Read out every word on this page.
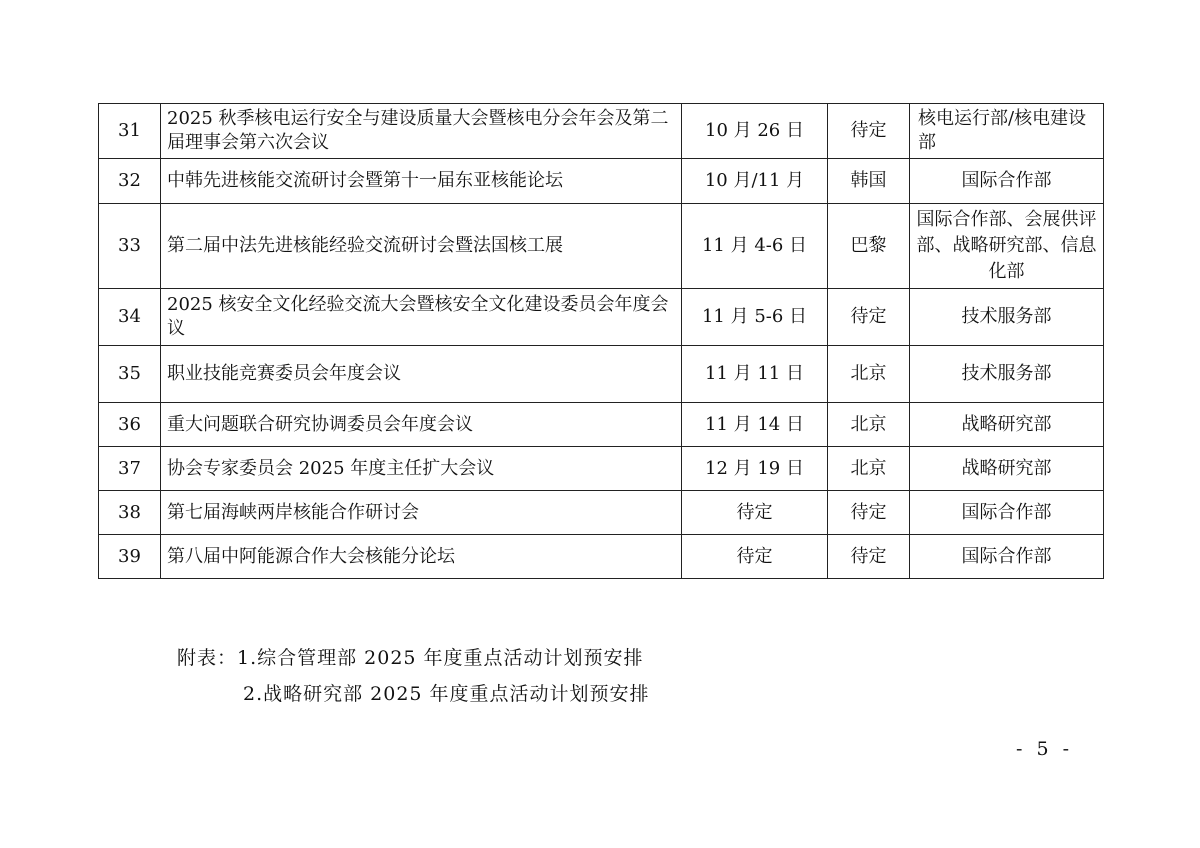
31	2025 秋季核电运行安全与建设质量大会暨核电分会年会及第二届理事会第六次会议	10 月 26 日	待定	核电运行部/核电建设部
32	中韩先进核能交流研讨会暨第十一届东亚核能论坛	10 月/11 月	韩国	国际合作部
33	第二届中法先进核能经验交流研讨会暨法国核工展	11 月 4-6 日	巴黎	国际合作部、会展供评部、战略研究部、信息化部
34	2025 核安全文化经验交流大会暨核安全文化建设委员会年度会议	11 月 5-6 日	待定	技术服务部
35	职业技能竞赛委员会年度会议	11 月 11 日	北京	技术服务部
36	重大问题联合研究协调委员会年度会议	11 月 14 日	北京	战略研究部
37	协会专家委员会 2025 年度主任扩大会议	12 月 19 日	北京	战略研究部
38	第七届海峡两岸核能合作研讨会	待定	待定	国际合作部
39	第八届中阿能源合作大会核能分论坛	待定	待定	国际合作部
附表：1.综合管理部 2025 年度重点活动计划预安排
2.战略研究部 2025 年度重点活动计划预安排
- 5 -
